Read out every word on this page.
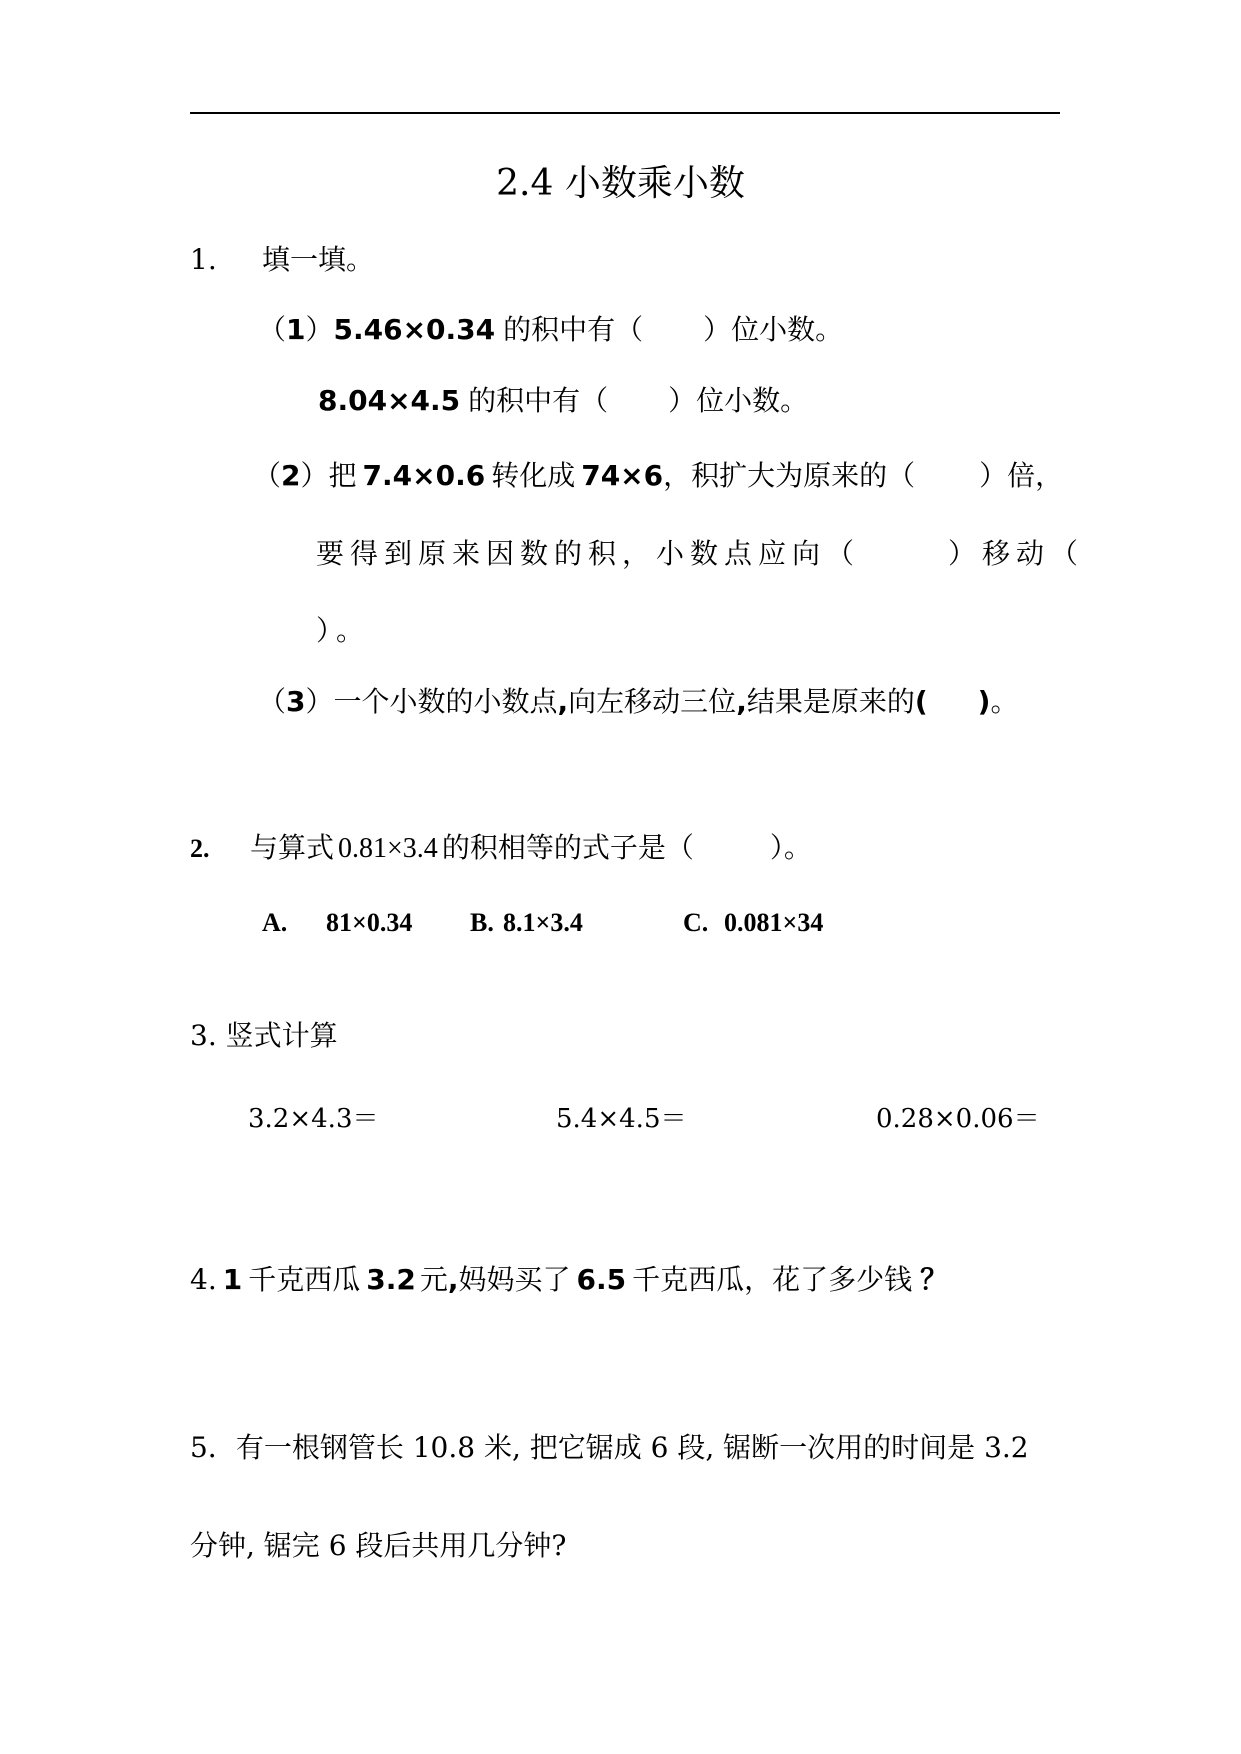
2.4 小数乘小数
1. 填一填。
（1）5.46×0.34 的积中有（ ）位小数。
8.04×4.5 的积中有（ ）位小数。
（2）把 7.4×0.6 转化成 74×6，积扩大为原来的（ ）倍，
要得到原来因数的积，小数点应向（	）移动（
）。
（3）一个小数的小数点,向左移动三位,结果是原来的( )。
2. 与算式 0.81×3.4 的积相等的式子是（	）。
A. 81×0.34 B. 8.1×3.4	C. 0.081×34
3. 竖式计算
3.2×4.3＝	5.4×4.5＝	0.28×0.06＝
4. 1 千克西瓜 3.2 元,妈妈买了 6.5 千克西瓜，花了多少钱 ？
5．有一根钢管长 10.8 米, 把它锯成 6 段, 锯断一次用的时间是 3.2
分钟, 锯完 6 段后共用几分钟?
